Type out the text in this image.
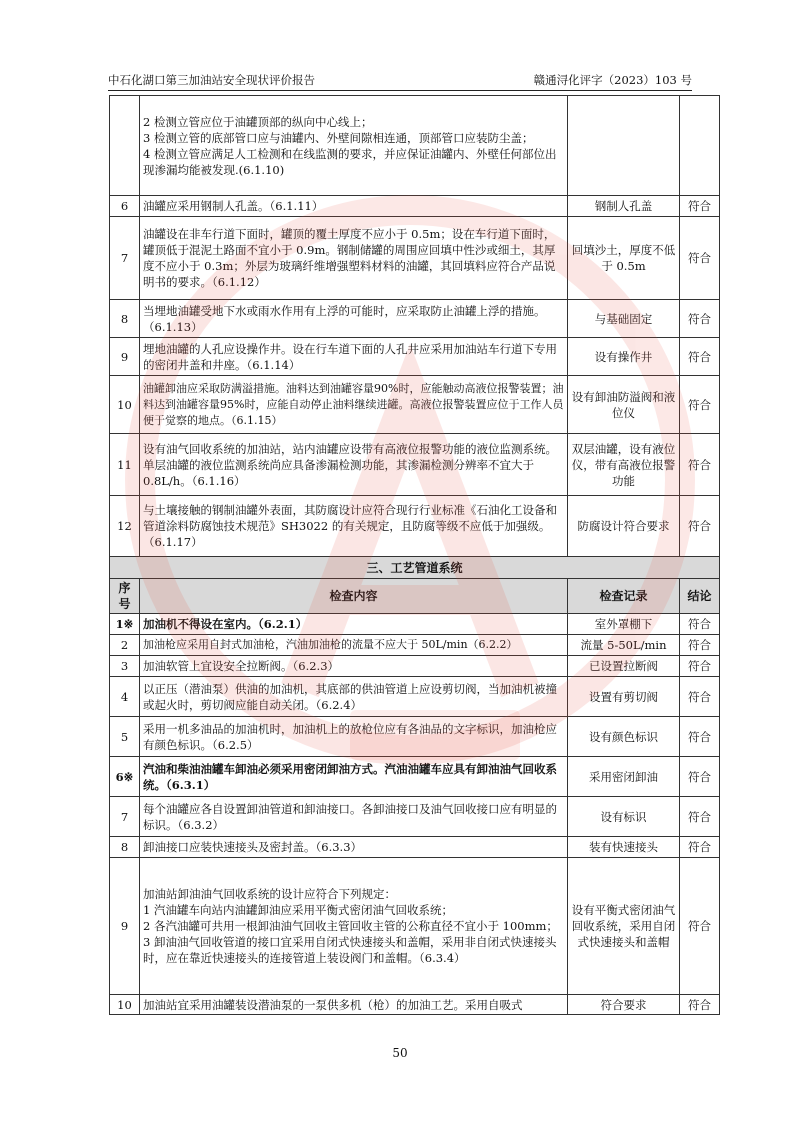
中石化湖口第三加油站安全现状评价报告	赣通浔化评字（2023）103 号

	2 检测立管应位于油罐顶部的纵向中心线上；
3 检测立管的底部管口应与油罐内、外壁间隙相连通，顶部管口应装防尘盖；
4 检测立管应满足人工检测和在线监测的要求，并应保证油罐内、外壁任何部位出现渗漏均能被发现.(6.1.10)		

6	油罐应采用钢制人孔盖。（6.1.11）	钢制人孔盖	符合
7	油罐设在非车行道下面时，罐顶的覆土厚度不应小于 0.5m；设在车行道下面时，罐顶低于混泥土路面不宜小于 0.9m。钢制储罐的周围应回填中性沙或细土，其厚度不应小于 0.3m；外层为玻璃纤维增强塑料材料的油罐，其回填料应符合产品说明书的要求。（6.1.12）	回填沙土，厚度不低于 0.5m	符合
8	当埋地油罐受地下水或雨水作用有上浮的可能时，应采取防止油罐上浮的措施。（6.1.13）	与基础固定	符合
9	埋地油罐的人孔应设操作井。设在行车道下面的人孔井应采用加油站车行道下专用的密闭井盖和井座。（6.1.14）	设有操作井	符合
10	油罐卸油应采取防满溢措施。油料达到油罐容量90%时，应能触动高液位报警装置；油料达到油罐容量95%时，应能自动停止油料继续进罐。高液位报警装置应位于工作人员便于觉察的地点。（6.1.15）	设有卸油防溢阀和液位仪	符合
11	设有油气回收系统的加油站，站内油罐应设带有高液位报警功能的液位监测系统。单层油罐的液位监测系统尚应具备渗漏检测功能，其渗漏检测分辨率不宜大于 0.8L/h。（6.1.16）	双层油罐，设有液位仪，带有高液位报警功能	符合
12	与土壤接触的钢制油罐外表面，其防腐设计应符合现行行业标准《石油化工设备和管道涂料防腐蚀技术规范》SH3022 的有关规定，且防腐等级不应低于加强级。（6.1.17）	防腐设计符合要求	符合
三、工艺管道系统			
序号	检查内容	检查记录	结论
1※	加油机不得设在室内。（6.2.1）	室外罩棚下	符合
2	加油枪应采用自封式加油枪，汽油加油枪的流量不应大于 50L/min（6.2.2）	流量 5-50L/min	符合
3	加油软管上宜设安全拉断阀。（6.2.3）	已设置拉断阀	符合
4	以正压（潜油泵）供油的加油机，其底部的供油管道上应设剪切阀，当加油机被撞或起火时，剪切阀应能自动关闭。（6.2.4）	设置有剪切阀	符合
5	采用一机多油品的加油机时，加油机上的放枪位应有各油品的文字标识，加油枪应有颜色标识。（6.2.5）	设有颜色标识	符合
6※	汽油和柴油油罐车卸油必须采用密闭卸油方式。汽油油罐车应具有卸油油气回收系统。（6.3.1）	采用密闭卸油	符合
7	每个油罐应各自设置卸油管道和卸油接口。各卸油接口及油气回收接口应有明显的标识。（6.3.2）	设有标识	符合
8	卸油接口应装快速接头及密封盖。（6.3.3）	装有快速接头	符合
9	加油站卸油油气回收系统的设计应符合下列规定：
1 汽油罐车向站内油罐卸油应采用平衡式密闭油气回收系统；
2 各汽油罐可共用一根卸油油气回收主管回收主管的公称直径不宜小于 100mm；
3 卸油油气回收管道的接口宜采用自闭式快速接头和盖帽，采用非自闭式快速接头时，应在靠近快速接头的连接管道上装设阀门和盖帽。（6.3.4）	设有平衡式密闭油气回收系统，采用自闭式快速接头和盖帽	符合
10	加油站宜采用油罐装设潜油泵的一泵供多机（枪）的加油工艺。采用自吸式	符合要求	符合
50
